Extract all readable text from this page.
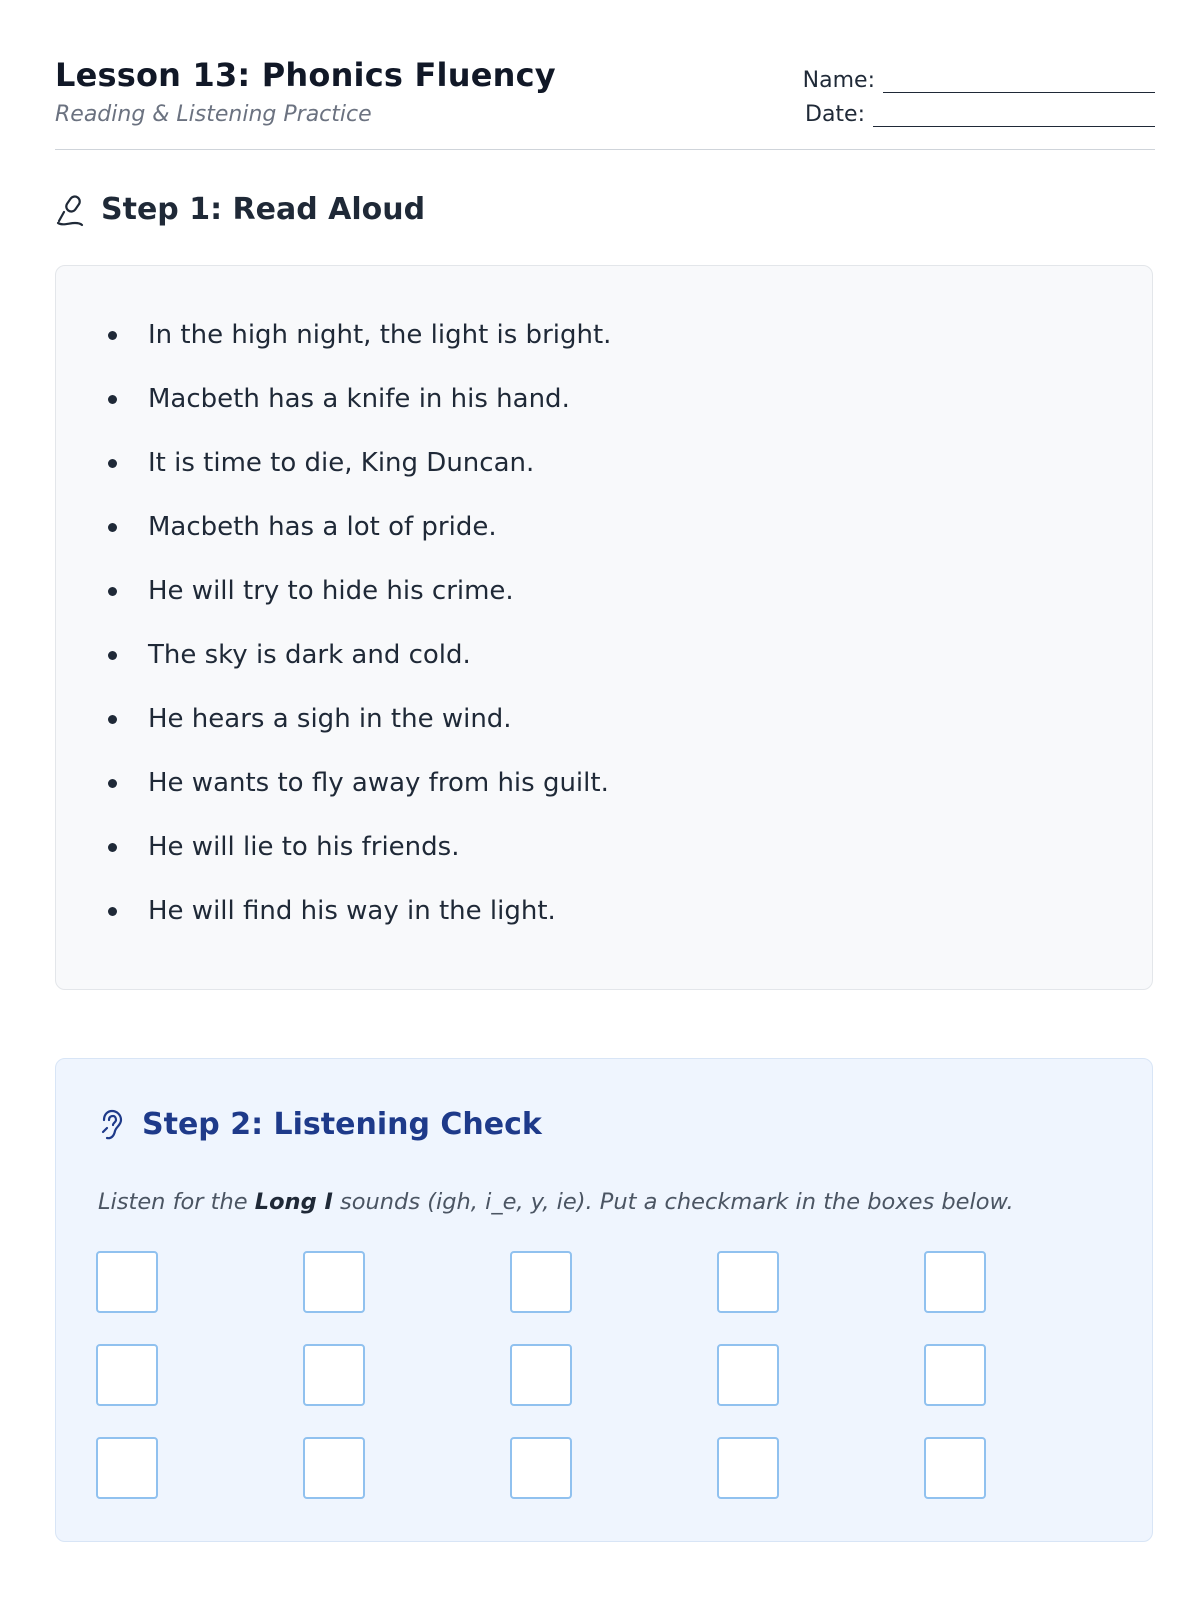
Lesson 13: Phonics Fluency
Reading & Listening Practice
Name:
Date:
Step 1: Read Aloud
In the high night, the light is bright.
Macbeth has a knife in his hand.
It is time to die, King Duncan.
Macbeth has a lot of pride.
He will try to hide his crime.
The sky is dark and cold.
He hears a sigh in the wind.
He wants to fly away from his guilt.
He will lie to his friends.
He will find his way in the light.
Step 2: Listening Check
Listen for the Long I sounds (igh, i_e, y, ie). Put a checkmark in the boxes below.
